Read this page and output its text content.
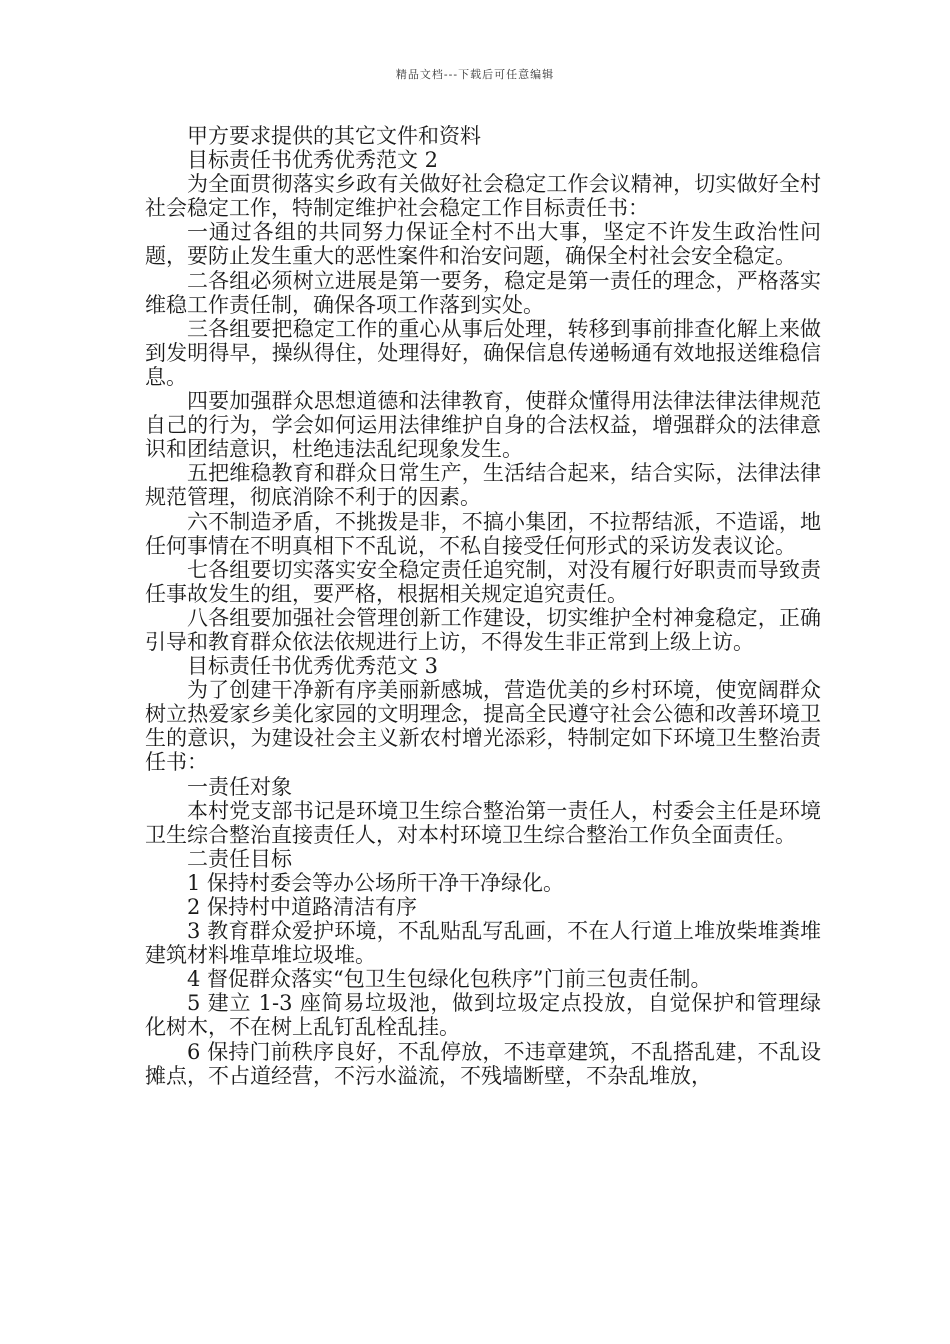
精品文档---下载后可任意编辑

甲方要求提供的其它文件和资料

目标责任书优秀优秀范文 2

为全面贯彻落实乡政有关做好社会稳定工作会议精神，切实做好全村社会稳定工作，特制定维护社会稳定工作目标责任书：

一通过各组的共同努力保证全村不出大事，坚定不许发生政治性问题，要防止发生重大的恶性案件和治安问题，确保全村社会安全稳定。

二各组必须树立进展是第一要务，稳定是第一责任的理念，严格落实维稳工作责任制，确保各项工作落到实处。

三各组要把稳定工作的重心从事后处理，转移到事前排查化解上来做到发明得早，操纵得住，处理得好，确保信息传递畅通有效地报送维稳信息。

四要加强群众思想道德和法律教育，使群众懂得用法律法律法律规范自己的行为，学会如何运用法律维护自身的合法权益，增强群众的法律意识和团结意识，杜绝违法乱纪现象发生。

五把维稳教育和群众日常生产，生活结合起来，结合实际，法律法律规范管理，彻底消除不利于的因素。

六不制造矛盾，不挑拨是非，不搞小集团，不拉帮结派，不造谣，地任何事情在不明真相下不乱说，不私自接受任何形式的采访发表议论。

七各组要切实落实安全稳定责任追究制，对没有履行好职责而导致责任事故发生的组，要严格，根据相关规定追究责任。

八各组要加强社会管理创新工作建设，切实维护全村神龛稳定，正确引导和教育群众依法依规进行上访，不得发生非正常到上级上访。

目标责任书优秀优秀范文 3

为了创建干净新有序美丽新感城，营造优美的乡村环境，使宽阔群众树立热爱家乡美化家园的文明理念，提高全民遵守社会公德和改善环境卫生的意识，为建设社会主义新农村增光添彩，特制定如下环境卫生整治责任书：

一责任对象

本村党支部书记是环境卫生综合整治第一责任人，村委会主任是环境卫生综合整治直接责任人，对本村环境卫生综合整治工作负全面责任。

二责任目标

1 保持村委会等办公场所干净干净绿化。

2 保持村中道路清洁有序

3 教育群众爱护环境，不乱贴乱写乱画，不在人行道上堆放柴堆粪堆建筑材料堆草堆垃圾堆。

4 督促群众落实“包卫生包绿化包秩序”门前三包责任制。

5 建立 1-3 座简易垃圾池，做到垃圾定点投放，自觉保护和管理绿化树木，不在树上乱钉乱栓乱挂。

6 保持门前秩序良好，不乱停放，不违章建筑，不乱搭乱建，不乱设摊点，不占道经营，不污水溢流，不残墙断壁，不杂乱堆放，
